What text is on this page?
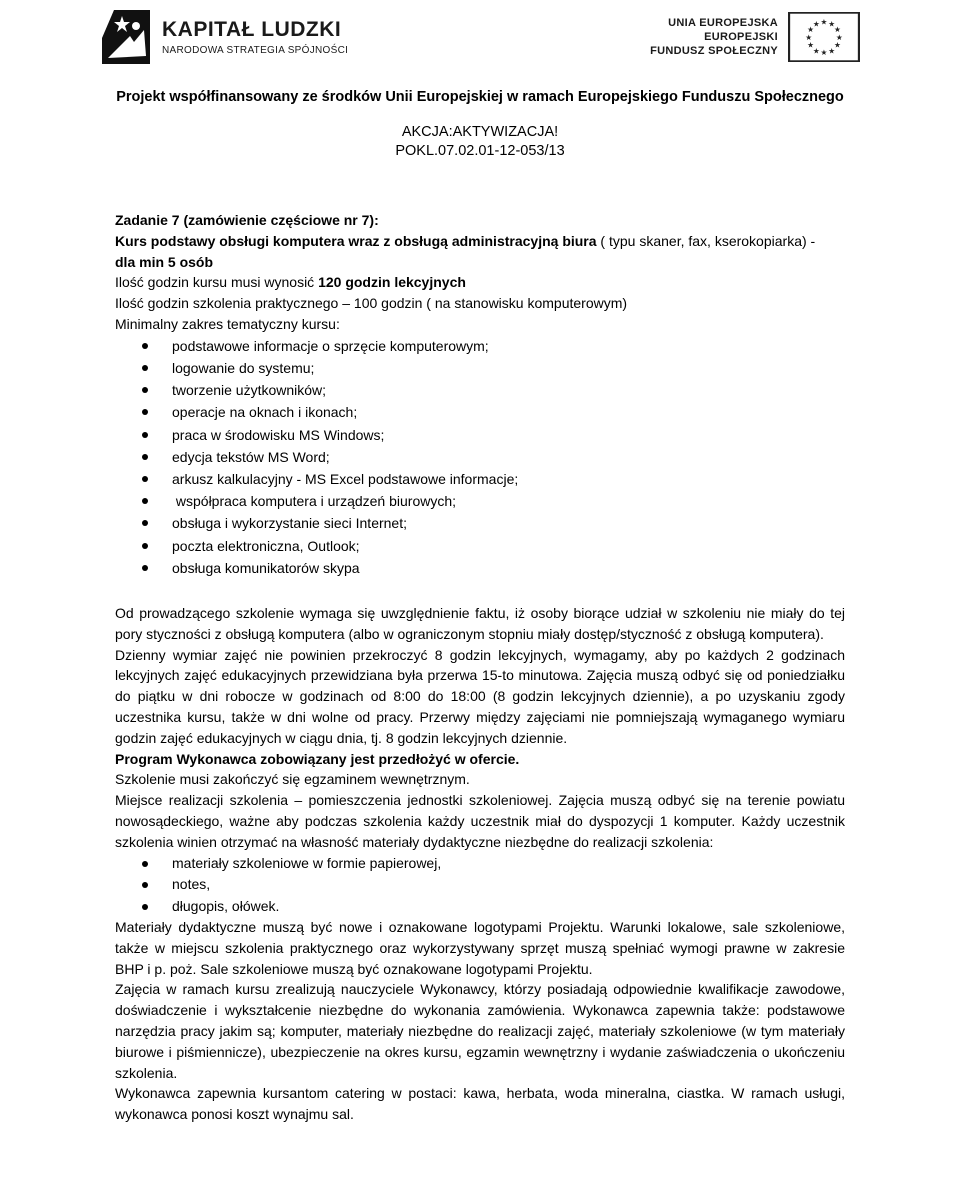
KAPITAŁ LUDZKI
NARODOWA STRATEGIA SPÓJNOŚCI
UNIA EUROPEJSKA
EUROPEJSKI
FUNDUSZ SPOŁECZNY
★ ★
★
★
★
★
★
★
★
★
★
★
Projekt współfinansowany ze środków Unii Europejskiej w ramach Europejskiego Funduszu Społecznego
AKCJA:AKTYWIZACJA!
POKL.07.02.01-12-053/13

Zadanie 7 (zamówienie częściowe nr 7):

Kurs podstawy obsługi komputera wraz z obsługą administracyjną biura ( typu skaner, fax, kserokopiarka) -

dla min 5 osób

Ilość godzin kursu musi wynosić 120 godzin lekcyjnych

Ilość godzin szkolenia praktycznego – 100 godzin ( na stanowisku komputerowym)

Minimalny zakres tematyczny kursu:

podstawowe informacje o sprzęcie komputerowym;
logowanie do systemu;
tworzenie użytkowników;
operacje na oknach i ikonach;
praca w środowisku MS Windows;
edycja tekstów MS Word;
arkusz kalkulacyjny - MS Excel podstawowe informacje;
współpraca komputera i urządzeń biurowych;
obsługa i wykorzystanie sieci Internet;
poczta elektroniczna, Outlook;
obsługa komunikatorów skypa

Od prowadzącego szkolenie wymaga się uwzględnienie faktu, iż osoby biorące udział w szkoleniu nie miały do tej pory styczności z obsługą komputera (albo w ograniczonym stopniu miały dostęp/styczność z obsługą komputera).

Dzienny wymiar zajęć nie powinien przekroczyć 8 godzin lekcyjnych, wymagamy, aby po każdych 2 godzinach lekcyjnych zajęć edukacyjnych przewidziana była przerwa 15-to minutowa. Zajęcia muszą odbyć się od poniedziałku do piątku w dni robocze w godzinach od 8:00 do 18:00 (8 godzin lekcyjnych dziennie), a po uzyskaniu zgody uczestnika kursu, także w dni wolne od pracy. Przerwy między zajęciami nie pomniejszają wymaganego wymiaru godzin zajęć edukacyjnych w ciągu dnia, tj. 8 godzin lekcyjnych dziennie.

Program Wykonawca zobowiązany jest przedłożyć w ofercie.

Szkolenie musi zakończyć się egzaminem wewnętrznym.

Miejsce realizacji szkolenia – pomieszczenia jednostki szkoleniowej. Zajęcia muszą odbyć się na terenie powiatu nowosądeckiego, ważne aby podczas szkolenia każdy uczestnik miał do dyspozycji 1 komputer. Każdy uczestnik szkolenia winien otrzymać na własność materiały dydaktyczne niezbędne do realizacji szkolenia:

materiały szkoleniowe w formie papierowej,
notes,
długopis, ołówek.

Materiały dydaktyczne muszą być nowe i oznakowane logotypami Projektu. Warunki lokalowe, sale szkoleniowe, także w miejscu szkolenia praktycznego oraz wykorzystywany sprzęt muszą spełniać wymogi prawne w zakresie BHP i p. poż. Sale szkoleniowe muszą być oznakowane logotypami Projektu.

Zajęcia w ramach kursu zrealizują nauczyciele Wykonawcy, którzy posiadają odpowiednie kwalifikacje zawodowe, doświadczenie i wykształcenie niezbędne do wykonania zamówienia. Wykonawca zapewnia także: podstawowe narzędzia pracy jakim są; komputer, materiały niezbędne do realizacji zajęć, materiały szkoleniowe (w tym materiały biurowe i piśmiennicze), ubezpieczenie na okres kursu, egzamin wewnętrzny i wydanie zaświadczenia o ukończeniu szkolenia.

Wykonawca zapewnia kursantom catering w postaci: kawa, herbata, woda mineralna, ciastka. W ramach usługi, wykonawca ponosi koszt wynajmu sal.
